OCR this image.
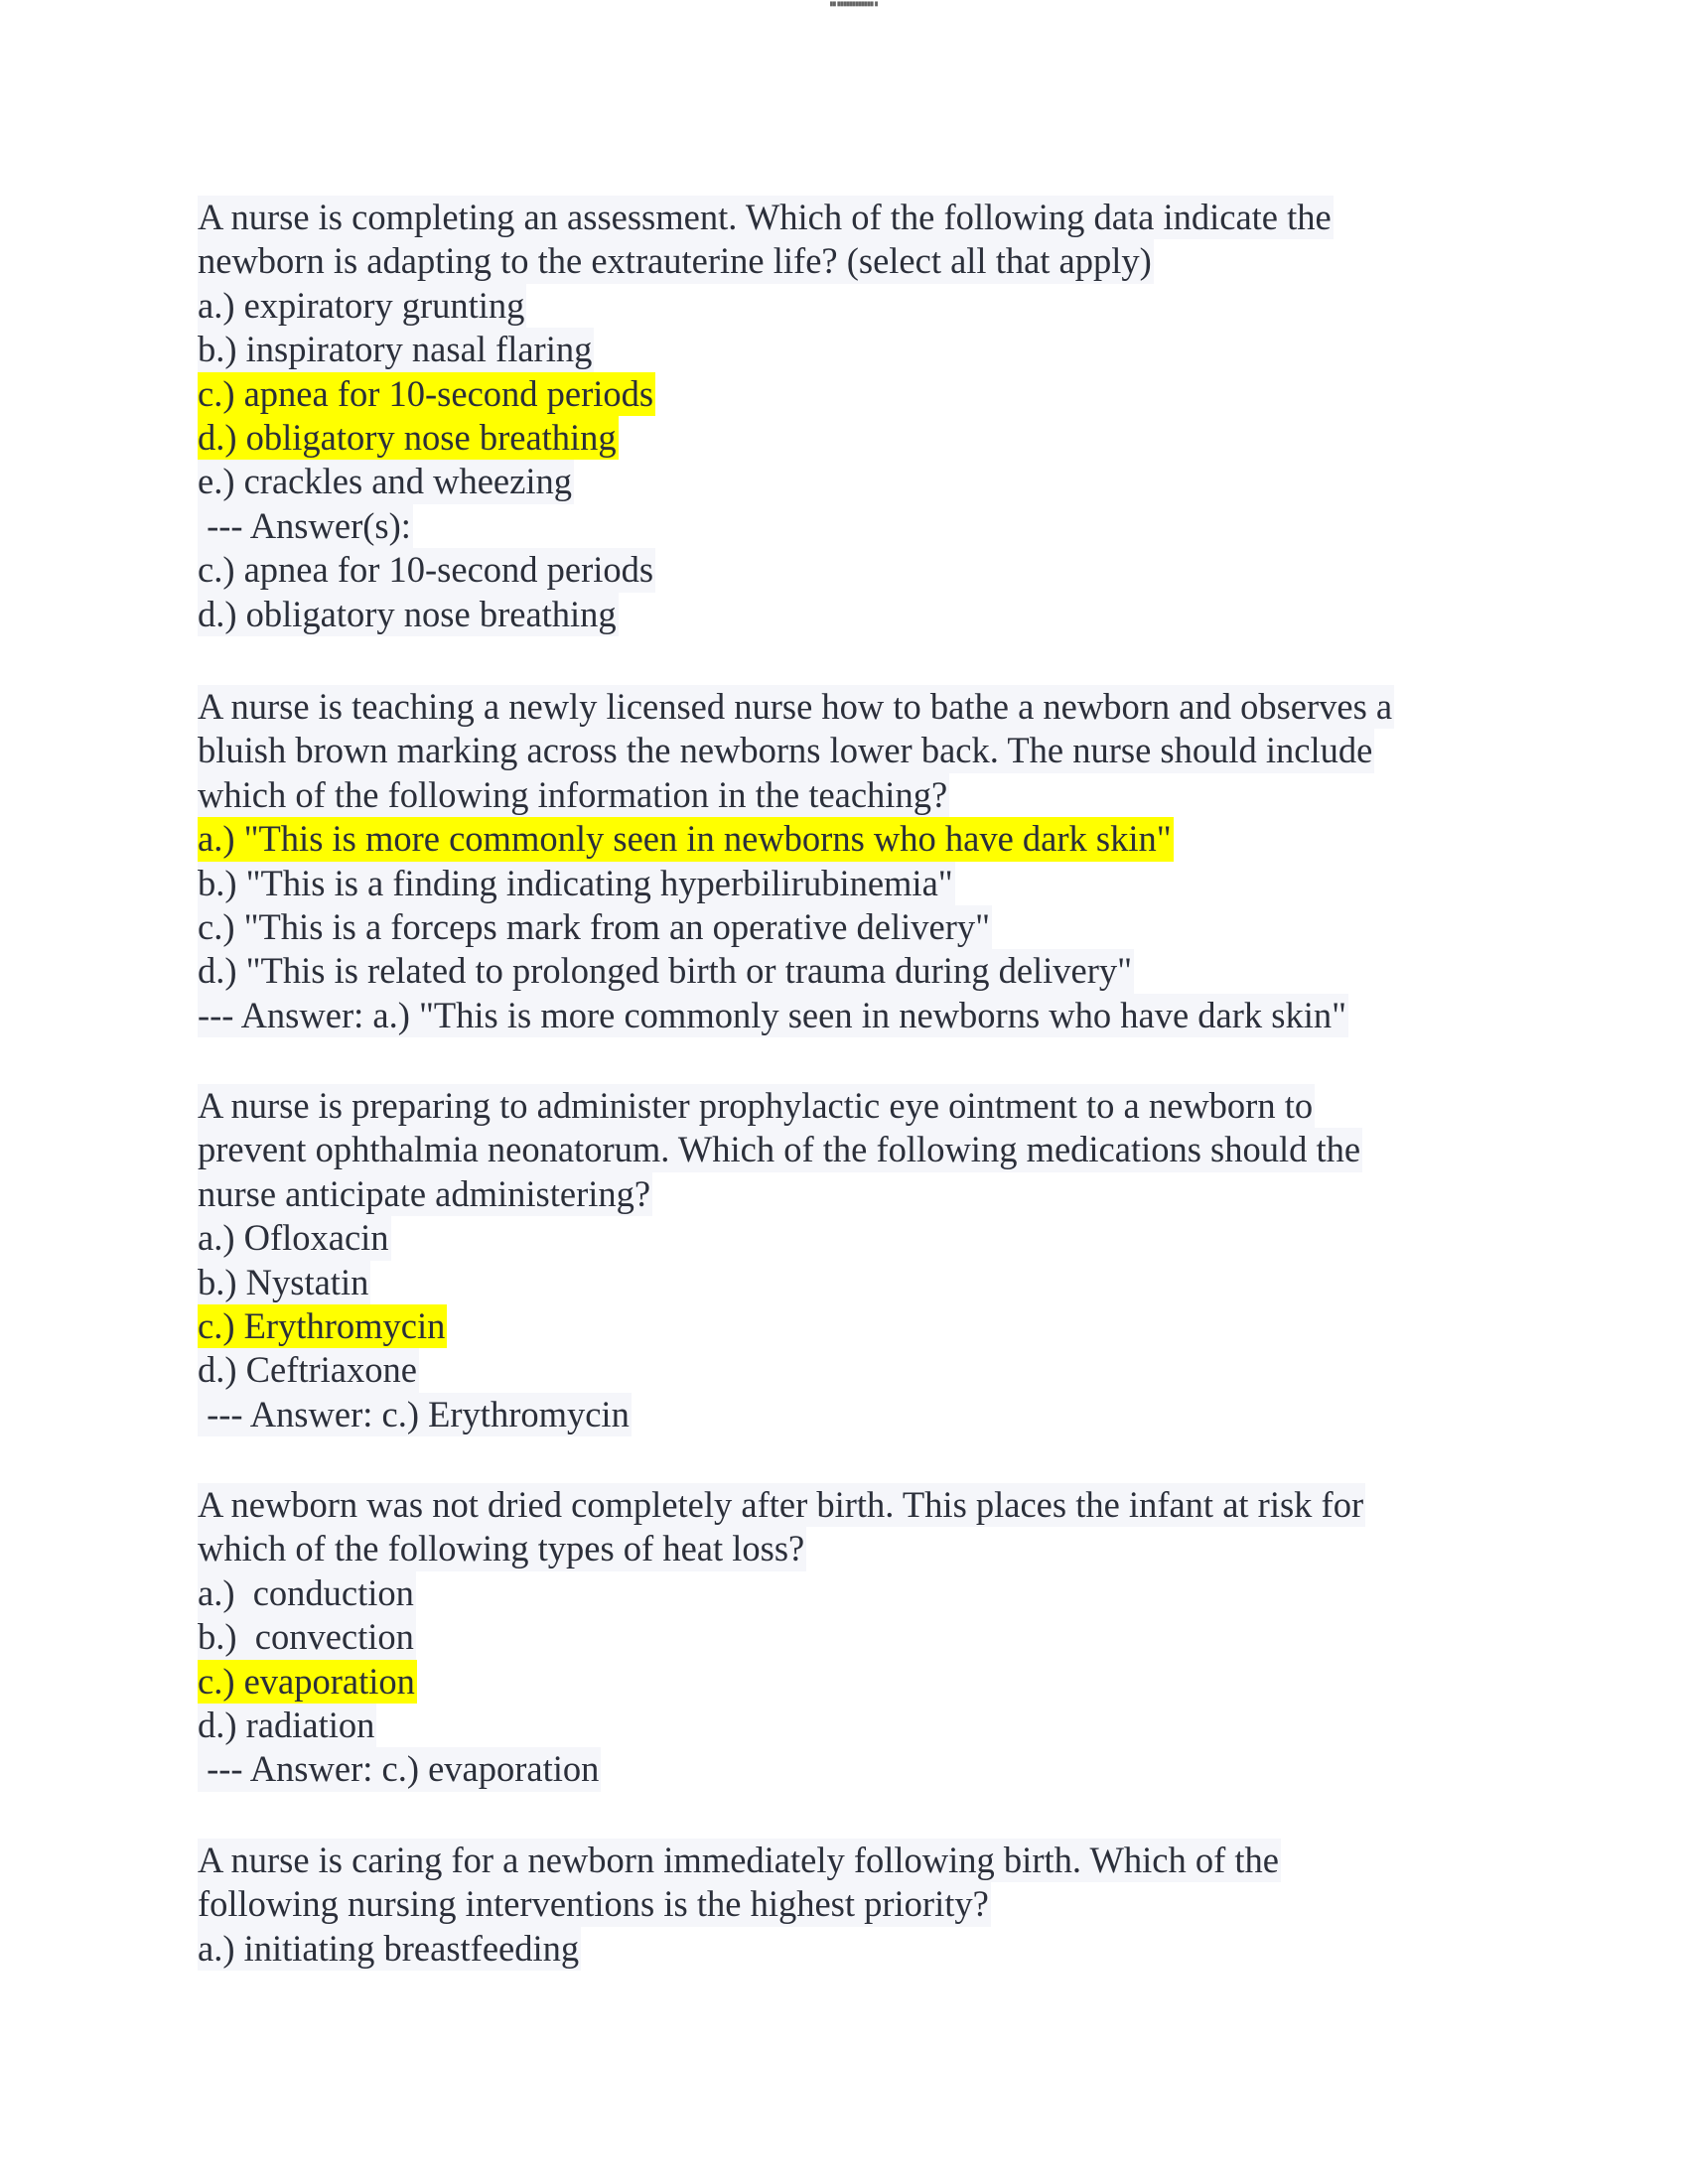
██ ████████████ █
A nurse is completing an assessment. Which of the following data indicate the
newborn is adapting to the extrauterine life? (select all that apply)
a.) expiratory grunting
b.) inspiratory nasal flaring
c.) apnea for 10-second periods
d.) obligatory nose breathing
e.) crackles and wheezing
--- Answer(s):
c.) apnea for 10-second periods
d.) obligatory nose breathing
A nurse is teaching a newly licensed nurse how to bathe a newborn and observes a
bluish brown marking across the newborns lower back. The nurse should include
which of the following information in the teaching?
a.) "This is more commonly seen in newborns who have dark skin"
b.) "This is a finding indicating hyperbilirubinemia"
c.) "This is a forceps mark from an operative delivery"
d.) "This is related to prolonged birth or trauma during delivery"
--- Answer: a.) "This is more commonly seen in newborns who have dark skin"
A nurse is preparing to administer prophylactic eye ointment to a newborn to
prevent ophthalmia neonatorum. Which of the following medications should the
nurse anticipate administering?
a.) Ofloxacin
b.) Nystatin
c.) Erythromycin
d.) Ceftriaxone
--- Answer: c.) Erythromycin
A newborn was not dried completely after birth. This places the infant at risk for
which of the following types of heat loss?
a.)  conduction
b.)  convection
c.) evaporation
d.) radiation
--- Answer: c.) evaporation
A nurse is caring for a newborn immediately following birth. Which of the
following nursing interventions is the highest priority?
a.) initiating breastfeeding
